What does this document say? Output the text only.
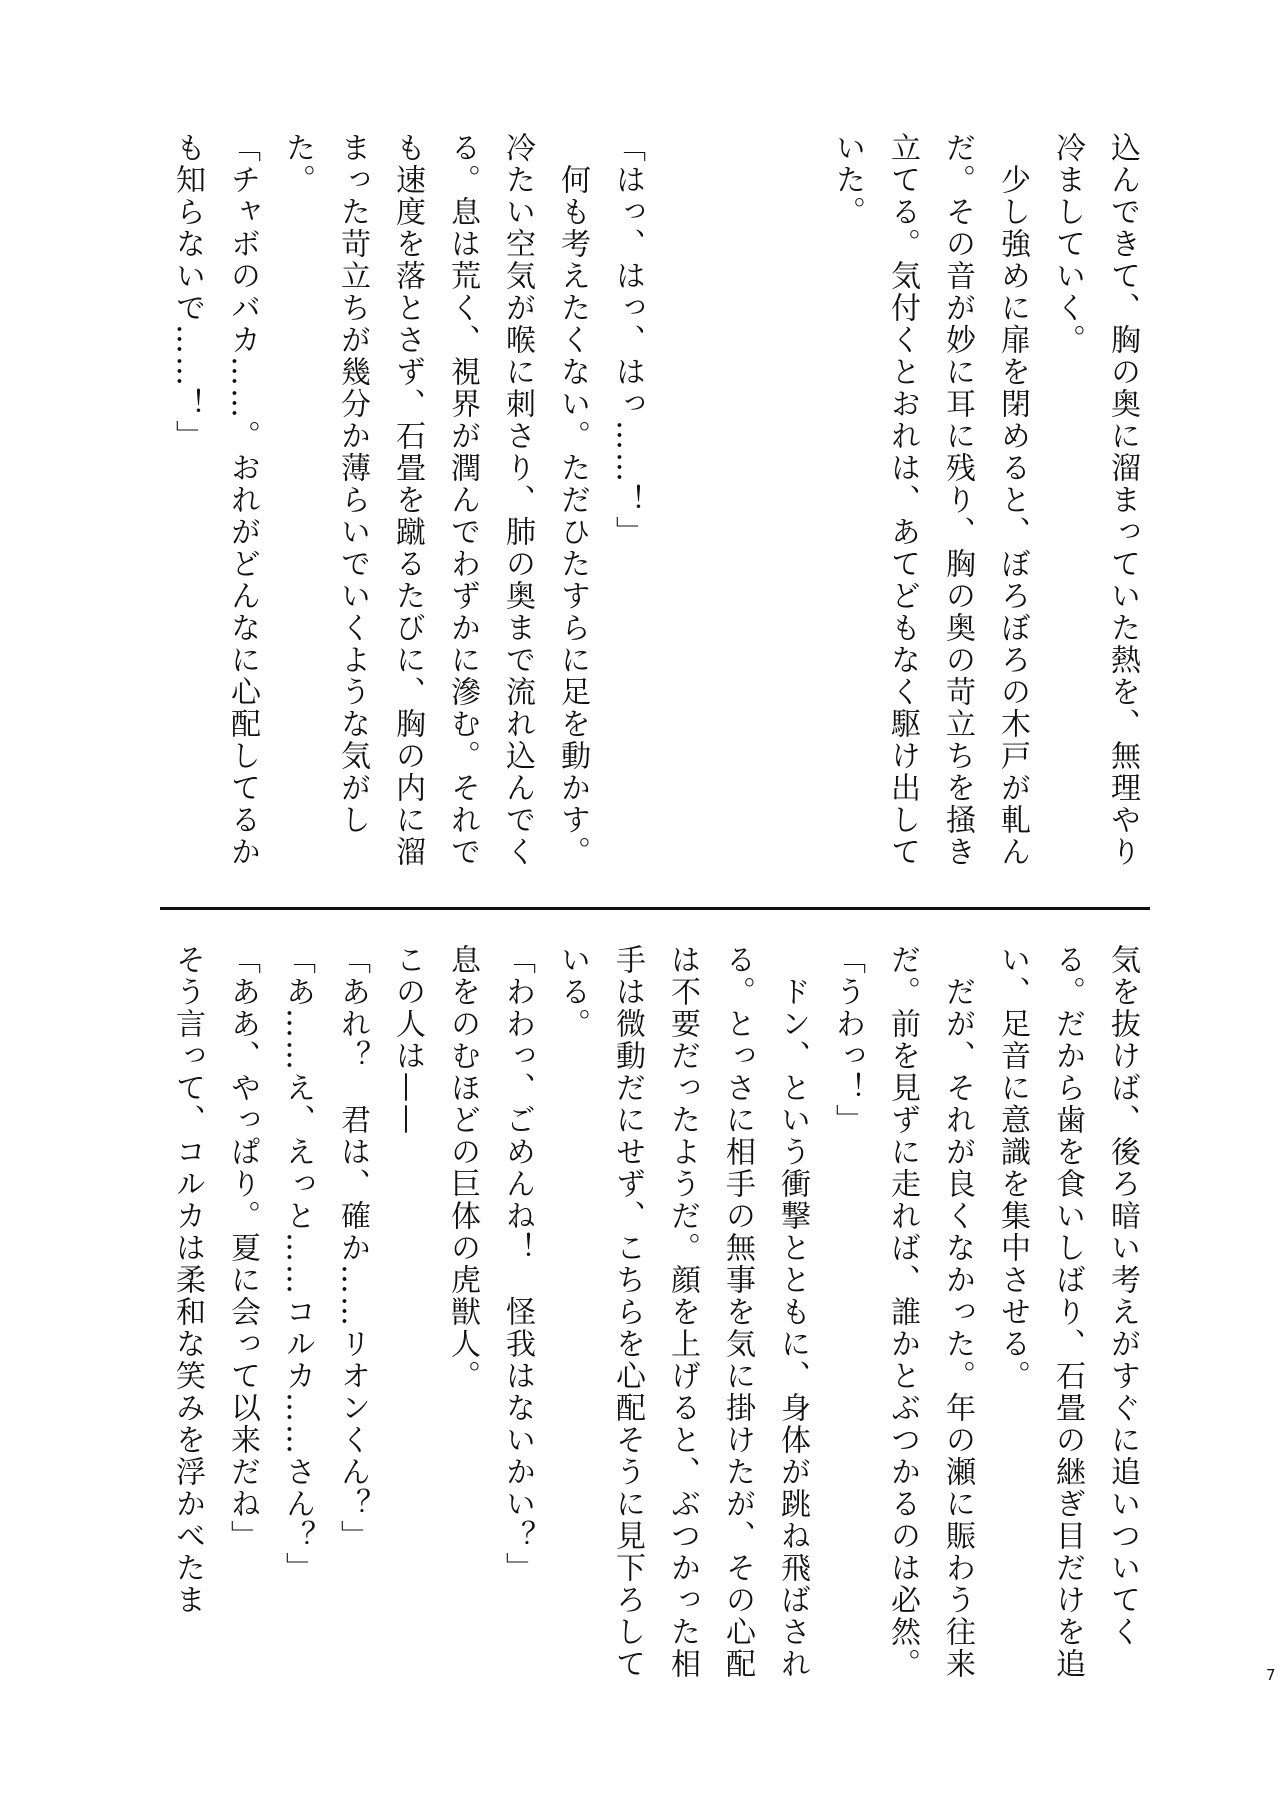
込んできて、胸の奥に溜まっていた熱を、無理やり
冷ましていく。
　少し強めに扉を閉めると、ぼろぼろの木戸が軋ん
だ。その音が妙に耳に残り、胸の奥の苛立ちを掻き
立てる。気付くとおれは、あてどもなく駆け出して
いた。
「はっ、はっ、はっ……！」
　何も考えたくない。ただひたすらに足を動かす。
冷たい空気が喉に刺さり、肺の奥まで流れ込んでく
る。息は荒く、視界が潤んでわずかに滲む。それで
も速度を落とさず、石畳を蹴るたびに、胸の内に溜
まった苛立ちが幾分か薄らいでいくような気がし
た。
「チャボのバカ……。おれがどんなに心配してるか
も知らないで……！」
気を抜けば、後ろ暗い考えがすぐに追いついてく
る。だから歯を食いしばり、石畳の継ぎ目だけを追
い、足音に意識を集中させる。
　だが、それが良くなかった。年の瀬に賑わう往来
だ。前を見ずに走れば、誰かとぶつかるのは必然。
「うわっ！」
　ドン、という衝撃とともに、身体が跳ね飛ばされ
る。とっさに相手の無事を気に掛けたが、その心配
は不要だったようだ。顔を上げると、ぶつかった相
手は微動だにせず、こちらを心配そうに見下ろして
いる。
「わわっ、ごめんね！　怪我はないかい？」
息をのむほどの巨体の虎獣人。
この人は——
「あれ？　君は、確か……リオンくん？」
「あ……え、えっと……コルカ……さん？」
「ああ、やっぱり。夏に会って以来だね」
そう言って、コルカは柔和な笑みを浮かべたま
7
